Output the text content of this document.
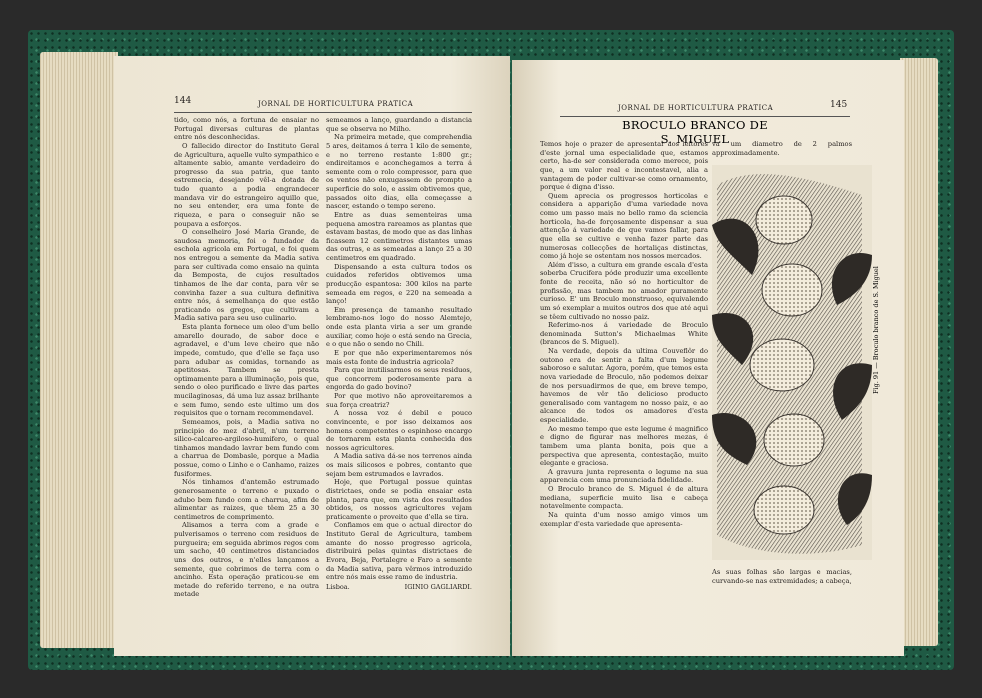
144	JORNAL DE HORTICULTURA PRATICA

tido, como nós, a fortuna de ensaiar no Portugal diversas culturas de plantas entre nós desconhecidas.

O fallecido director do Instituto Geral de Agricultura, aquelle vulto sympathico e altamente sabio, amante verdadeiro do progresso da sua patria, que tanto estremecia, desejando vêl-a dotada de tudo quanto a podia engrandecer mandava vir do estrangeiro aquillo que, no seu entender, era uma fonte de riqueza, e para o conseguir não se poupava a esforços.

O conselheiro José Maria Grande, de saudosa memoria, foi o fundador da eschola agricola em Portugal, e foi quem nos entregou a semente da Madia sativa para ser cultivada como ensaio na quinta da Bemposta, de cujos resultados tinhamos de lhe dar conta, para vêr se convinha fazer a sua cultura definitiva entre nós, á semelhança do que estão praticando os gregos, que cultivam a Madia sativa para seu uso culinario.

Esta planta fornece um oleo d'um bello amarello dourado, de sabor doce e agradavel, e d'um leve cheiro que não impede, comtudo, que d'elle se faça uso para adubar as comidas, tornando as apetitosas. Tambem se presta optimamente para a illuminação, pois que, sendo o oleo purificado e livre das partes mucilaginosas, dá uma luz assaz brilhante e sem fumo, sendo este ultimo um dos requisitos que o tornam recommendavel.

Semeamos, pois, a Madia sativa no principio do mez d'abril, n'um terreno silico-calcareo-argiloso-humifero, o qual tinhamos mandado lavrar bem fundo com a charrua de Dombasle, porque a Madia possue, como o Linho e o Canhamo, raizes fusiformes.

Nós tinhamos d'antemão estrumado generosamente o terreno e puxado o adubo bem fundo com a charrua, afim de alimentar as raizes, que têem 25 a 30 centimetros de comprimento.

Alisamos a terra com a grade e pulverisamos o terreno com residuos de purgueira; em seguida abrimos regos com um sacho, 40 centimetros distanciados uns dos outros, e n'elles lançamos a semente, que cobrimos de terra com o ancinho. Esta operação praticou-se em metade do referido terreno, e na outra metade

semeamos a lanço, guardando a distancia que se observa no Milho.

Na primeira metade, que comprehendia 5 ares, deitamos á terra 1 kilo de semente, e no terreno restante 1:800 gr.; endireitamos e aconchegamos a terra á semente com o rolo compressor, para que os ventos não enxugassem de prompto a superficie do solo, e assim obtivemos que, passados oito dias, ella começasse a nascer, estando o tempo sereno.

Entre as duas sementeiras uma pequena amostra rareamos as plantas que estavam bastas, de modo que as das linhas ficassem 12 centimetros distantes umas das outras, e as semeadas a lanço 25 a 30 centimetros em quadrado.

Dispensando a esta cultura todos os cuidados referidos obtivemos uma producção espantosa: 300 kilos na parte semeada em regos, e 220 na semeada a lanço!

Em presença de tamanho resultado lembramo-nos logo do nosso Alemtejo, onde esta planta viria a ser um grande auxiliar, como hoje o está sendo na Grecia, e o que não o sendo no Chili.

E por que não experimentaremos nós mais esta fonte de industria agricola?

Para que inutilisarmos os seus residuos, que concorrem poderosamente para a engorda do gado bovino?

Por que motivo não aproveitaremos a sua força creatriz?

A nossa voz é debil e pouco convincente, e por isso deixamos aos homens competentes o espinhoso encargo de tornarem esta planta conhecida dos nossos agricultores.

A Madia sativa dá-se nos terrenos ainda os mais silicosos e pobres, contanto que sejam bem estrumados e lavrados.

Hoje, que Portugal possue quintas districtaes, onde se podia ensaiar esta planta, para que, em vista dos resultados obtidos, os nossos agricultores vejam praticamente o proveito que d'ella se tira.

Confiamos em que o actual director do Instituto Geral de Agricultura, tambem amante do nosso progresso agricola, distribuirá pelas quintas districtaes de Evora, Beja, Portalegre e Faro a semente da Madia sativa, para vêrmos introduzido entre nós mais esse ramo de industria.

Lisboa.	IGINIO GAGLIARDI.
JORNAL DE HORTICULTURA PRATICA	145

Temos hoje o prazer de apresentar aos leitores d'este jornal uma especialidade que, estamos certo, ha-de ser considerada como merece, pois que, a um valor real e incontestavel, alia a vantagem de poder cultivar-se como ornamento, porque é digna d'isso.

Quem aprecia os progressos horticolas e considera a apparição d'uma variedade nova como um passo mais no bello ramo da sciencia horticola, ha-de forçosamente dispensar a sua attenção á variedade de que vamos fallar, para que ella se cultive e venha fazer parte das numerosas collecções de hortaliças distinctas, como já hoje se ostentam nos nossos mercados.

Além d'isso, a cultura em grande escala d'esta soberba Crucifera póde produzir uma excellente fonte de receita, não só no horticultor de profissão, mas tambem no amador puramente curioso. E' um Broculo monstruoso, equivalendo um só exemplar a muitos outros dos que até aqui se têem cultivado no nosso paiz.

Referimo-nos á variedade de Broculo denominada Sutton's Michaelmas White (brancos de S. Miguel).

Na verdade, depois da ultima Couveflôr do outono era de sentir a falta d'um legume saboroso e salutar. Agora, porém, que temos esta nova variedade de Broculo, não podemos deixar de nos persuadirmos de que, em breve tempo, havemos de vêr tão delicioso producto generalisado com vantagem no nosso paiz, e ao alcance de todos os amadores d'esta especialidade.

Ao mesmo tempo que este legume é magnifico e digno de figurar nas melhores mezas, é tambem uma planta bonita, pois que a perspectiva que apresenta, contestação, muito elegante e graciosa.

A gravura junta representa o legume na sua apparencia com uma pronunciada fidelidade.

O Broculo branco de S. Miguel é de altura mediana, superficie muito lisa e cabeça notavelmente compacta.

Na quinta d'um nosso amigo vimos um exemplar d'esta variedade que apresenta-

va um diametro de 2 palmos approximadamente.
As suas folhas são largas e macias, curvando-se nas extremidades; a cabeça,
BROCULO BRANCO DE S. MIGUEL
Fig. 91 — Broculo branco de S. Miguel
